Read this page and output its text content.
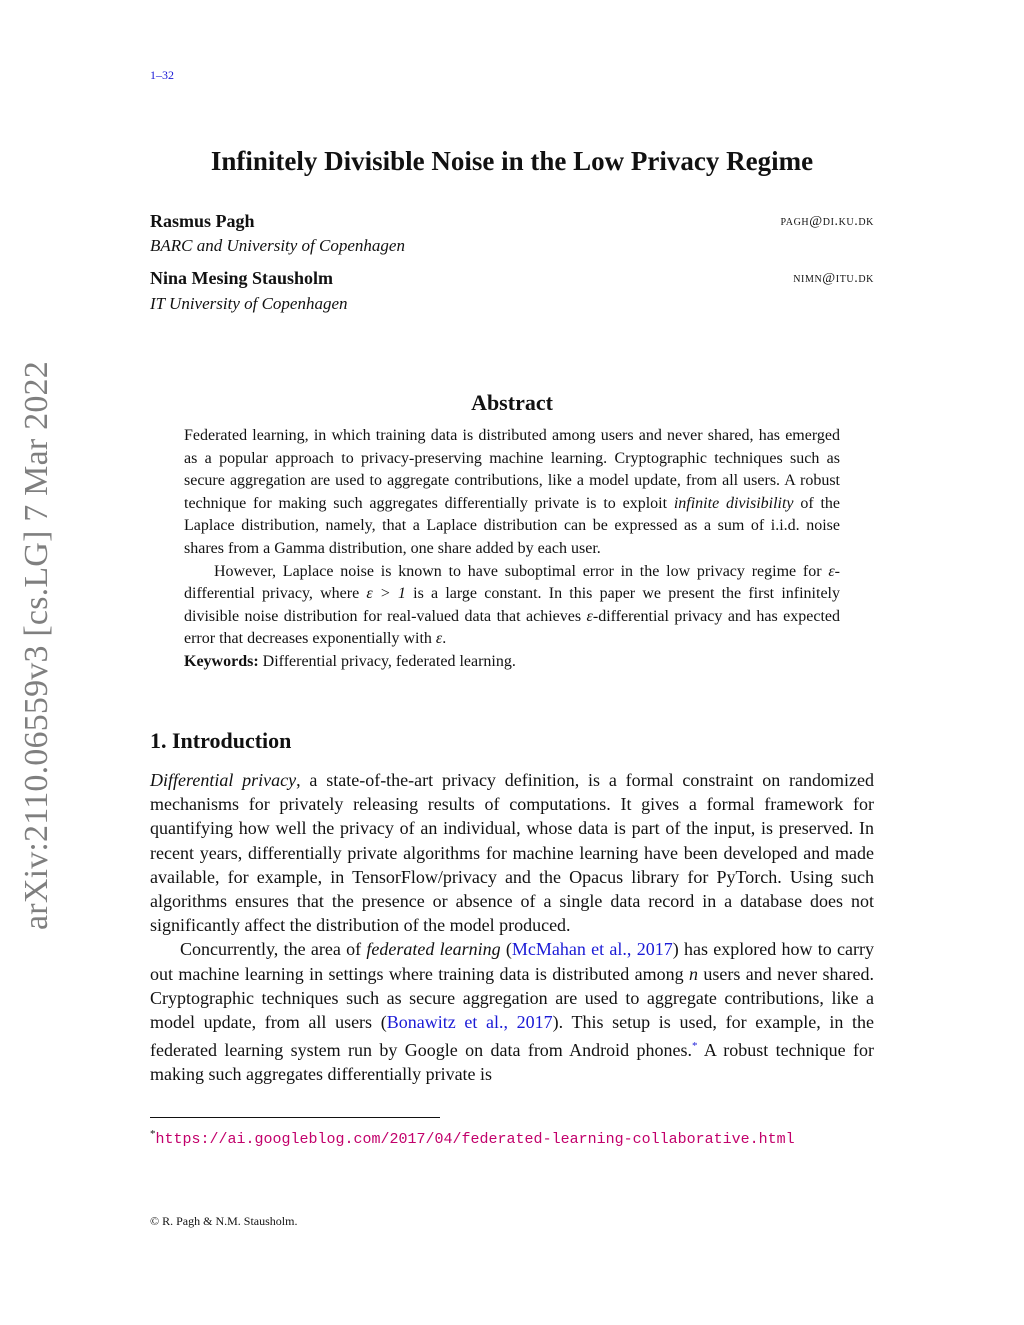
1–32
arXiv:2110.06559v3 [cs.LG] 7 Mar 2022
Infinitely Divisible Noise in the Low Privacy Regime
Rasmus Pagh	pagh@di.ku.dk
BARC and University of Copenhagen
Nina Mesing Stausholm	nimn@itu.dk
IT University of Copenhagen
Abstract

Federated learning, in which training data is distributed among users and never shared, has emerged as a popular approach to privacy-preserving machine learning. Cryptographic techniques such as secure aggregation are used to aggregate contributions, like a model update, from all users. A robust technique for making such aggregates differentially private is to exploit infinite divisibility of the Laplace distribution, namely, that a Laplace distribution can be expressed as a sum of i.i.d. noise shares from a Gamma distribution, one share added by each user.

However, Laplace noise is known to have suboptimal error in the low privacy regime for ε-differential privacy, where ε > 1 is a large constant. In this paper we present the first infinitely divisible noise distribution for real-valued data that achieves ε-differential privacy and has expected error that decreases exponentially with ε.

Keywords: Differential privacy, federated learning.

1. Introduction

Differential privacy, a state-of-the-art privacy definition, is a formal constraint on randomized mechanisms for privately releasing results of computations. It gives a formal framework for quantifying how well the privacy of an individual, whose data is part of the input, is preserved. In recent years, differentially private algorithms for machine learning have been developed and made available, for example, in TensorFlow/privacy and the Opacus library for PyTorch. Using such algorithms ensures that the presence or absence of a single data record in a database does not significantly affect the distribution of the model produced.

Concurrently, the area of federated learning (McMahan et al., 2017) has explored how to carry out machine learning in settings where training data is distributed among n users and never shared. Cryptographic techniques such as secure aggregation are used to aggregate contributions, like a model update, from all users (Bonawitz et al., 2017). This setup is used, for example, in the federated learning system run by Google on data from Android phones.* A robust technique for making such aggregates differentially private is

*https://ai.googleblog.com/2017/04/federated-learning-collaborative.html
© R. Pagh & N.M. Stausholm.
